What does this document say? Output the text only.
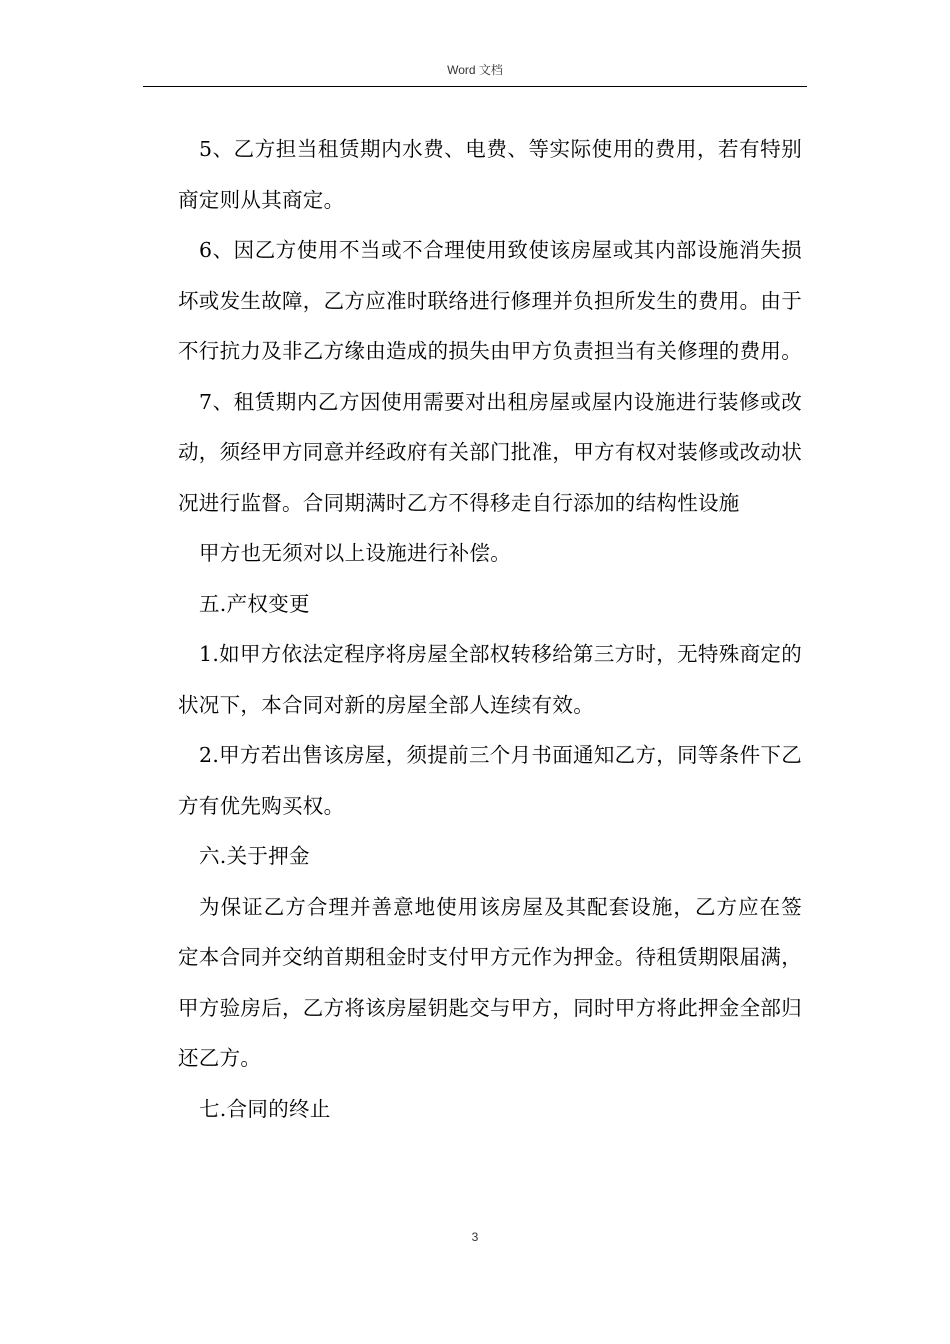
Word 文档

5、乙方担当租赁期内水费、电费、等实际使用的费用，若有特别商定则从其商定。

6、因乙方使用不当或不合理使用致使该房屋或其内部设施消失损坏或发生故障，乙方应准时联络进行修理并负担所发生的费用。由于不行抗力及非乙方缘由造成的损失由甲方负责担当有关修理的费用。

7、租赁期内乙方因使用需要对出租房屋或屋内设施进行装修或改动，须经甲方同意并经政府有关部门批准，甲方有权对装修或改动状况进行监督。合同期满时乙方不得移走自行添加的结构性设施

甲方也无须对以上设施进行补偿。

五.产权变更

1.如甲方依法定程序将房屋全部权转移给第三方时，无特殊商定的状况下，本合同对新的房屋全部人连续有效。

2.甲方若出售该房屋，须提前三个月书面通知乙方，同等条件下乙方有优先购买权。

六.关于押金

为保证乙方合理并善意地使用该房屋及其配套设施，乙方应在签定本合同并交纳首期租金时支付甲方元作为押金。待租赁期限届满，甲方验房后，乙方将该房屋钥匙交与甲方，同时甲方将此押金全部归还乙方。

七.合同的终止

3
